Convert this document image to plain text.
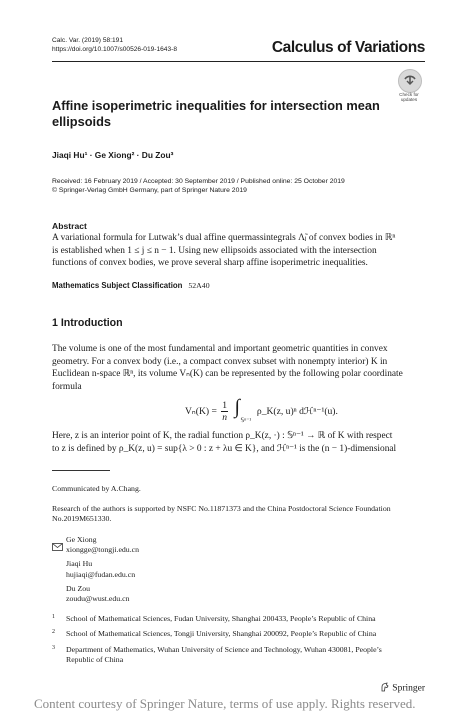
Calc. Var. (2019) 58:191
https://doi.org/10.1007/s00526-019-1643-8	Calculus of Variations
Check for
updates
Affine isoperimetric inequalities for intersection mean
ellipsoids
Jiaqi Hu¹ · Ge Xiong² · Du Zou³
Received: 16 February 2019 / Accepted: 30 September 2019 / Published online: 25 October 2019
© Springer-Verlag GmbH Germany, part of Springer Nature 2019
Abstract
A variational formula for Lutwak’s dual affine quermassintegrals Λ̃ⱼ of convex bodies in ℝⁿ
is established when 1 ≤ j ≤ n − 1. Using new ellipsoids associated with the intersection
functions of convex bodies, we prove several sharp affine isoperimetric inequalities.
Mathematics Subject Classification 52A40
1 Introduction
The volume is one of the most fundamental and important geometric quantities in convex
geometry. For a convex body (i.e., a compact convex subset with nonempty interior) K in
Euclidean n-space ℝⁿ, its volume Vₙ(K) can be represented by the following polar coordinate
formula
$V_n(K) = \frac{1}{n}$
∫
𝕊ⁿ⁻¹
ρ_K(z, u)ⁿ dℋⁿ⁻¹(u).
Here, z is an interior point of K, the radial function ρ_K(z, ·) : 𝕊ⁿ⁻¹ → ℝ of K with respect
to z is defined by ρ_K(z, u) = sup{λ > 0 : z + λu ∈ K}, and ℋⁿ⁻¹ is the (n − 1)-dimensional
Communicated by A.Chang.
Research of the authors is supported by NSFC No.11871373 and the China Postdoctoral Science Foundation
No.2019M651330.
Ge Xiong
xiongge@tongji.edu.cn
Jiaqi Hu
hujiaqi@fudan.edu.cn
Du Zou
zoudu@wust.edu.cn
1 School of Mathematical Sciences, Fudan University, Shanghai 200433, People’s Republic of China
2 School of Mathematical Sciences, Tongji University, Shanghai 200092, People’s Republic of China
3 Department of Mathematics, Wuhan University of Science and Technology, Wuhan 430081, People’s
Republic of China
Springer
Content courtesy of Springer Nature, terms of use apply. Rights reserved.
